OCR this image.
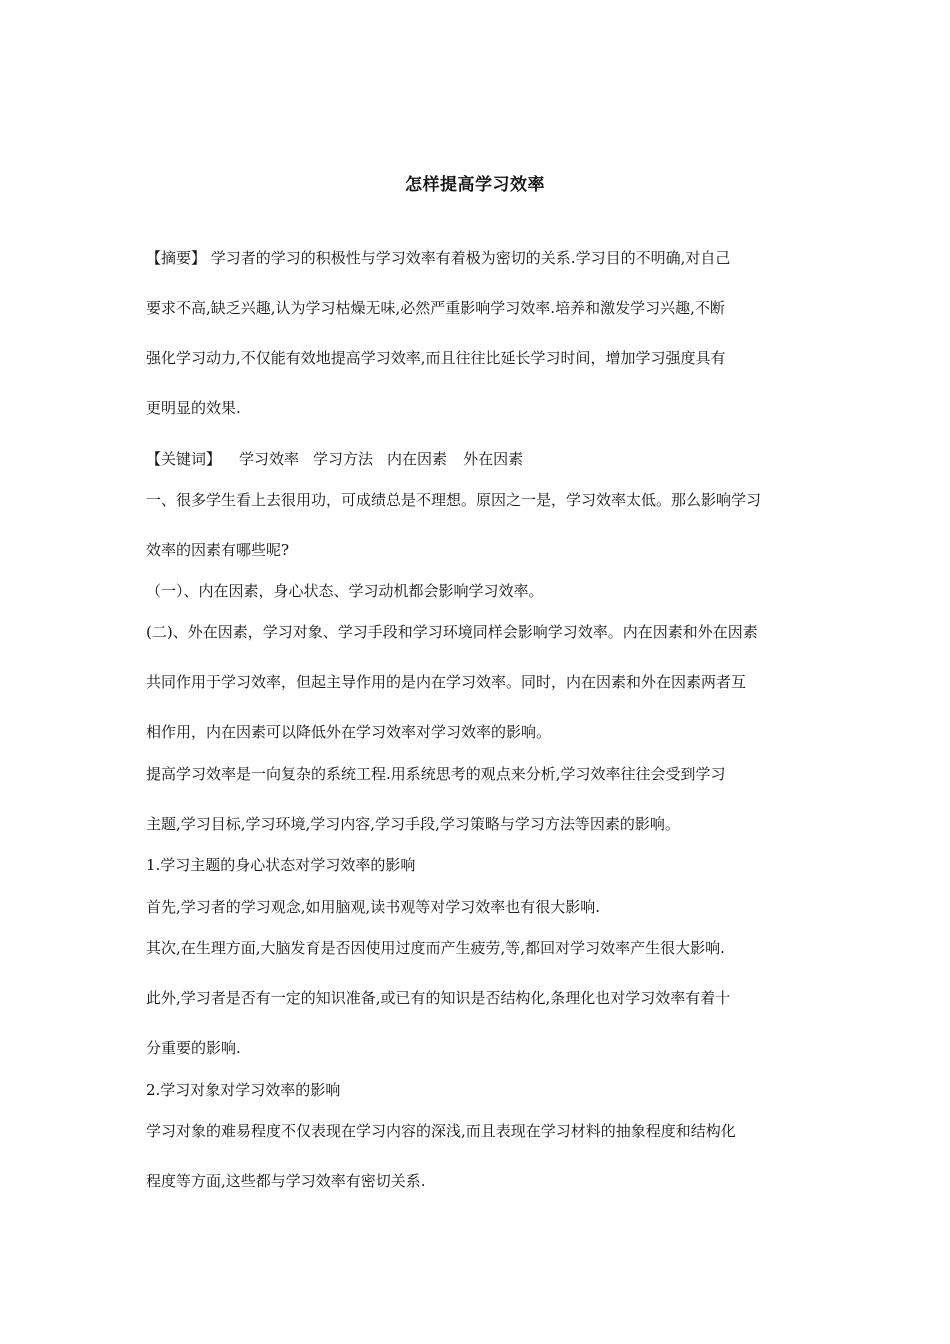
怎样提高学习效率
【摘要】 学习者的学习的积极性与学习效率有着极为密切的关系.学习目的不明确,对自己
要求不高,缺乏兴趣,认为学习枯燥无味,必然严重影响学习效率.培养和激发学习兴趣,不断
强化学习动力,不仅能有效地提高学习效率,而且往往比延长学习时间，增加学习强度具有
更明显的效果.
【关键词】 学习效率 学习方法 内在因素 外在因素
一、很多学生看上去很用功，可成绩总是不理想。原因之一是，学习效率太低。那么影响学习
效率的因素有哪些呢?
（一）、内在因素，身心状态、学习动机都会影响学习效率。
(二)、外在因素，学习对象、学习手段和学习环境同样会影响学习效率。内在因素和外在因素
共同作用于学习效率，但起主导作用的是内在学习效率。同时，内在因素和外在因素两者互
相作用，内在因素可以降低外在学习效率对学习效率的影响。
提高学习效率是一向复杂的系统工程.用系统思考的观点来分析,学习效率往往会受到学习
主题,学习目标,学习环境,学习内容,学习手段,学习策略与学习方法等因素的影响。
1.学习主题的身心状态对学习效率的影响
首先,学习者的学习观念,如用脑观,读书观等对学习效率也有很大影响.
其次,在生理方面,大脑发育是否因使用过度而产生疲劳,等,都回对学习效率产生很大影响.
此外,学习者是否有一定的知识准备,或已有的知识是否结构化,条理化也对学习效率有着十
分重要的影响.
2.学习对象对学习效率的影响
学习对象的难易程度不仅表现在学习内容的深浅,而且表现在学习材料的抽象程度和结构化
程度等方面,这些都与学习效率有密切关系.
